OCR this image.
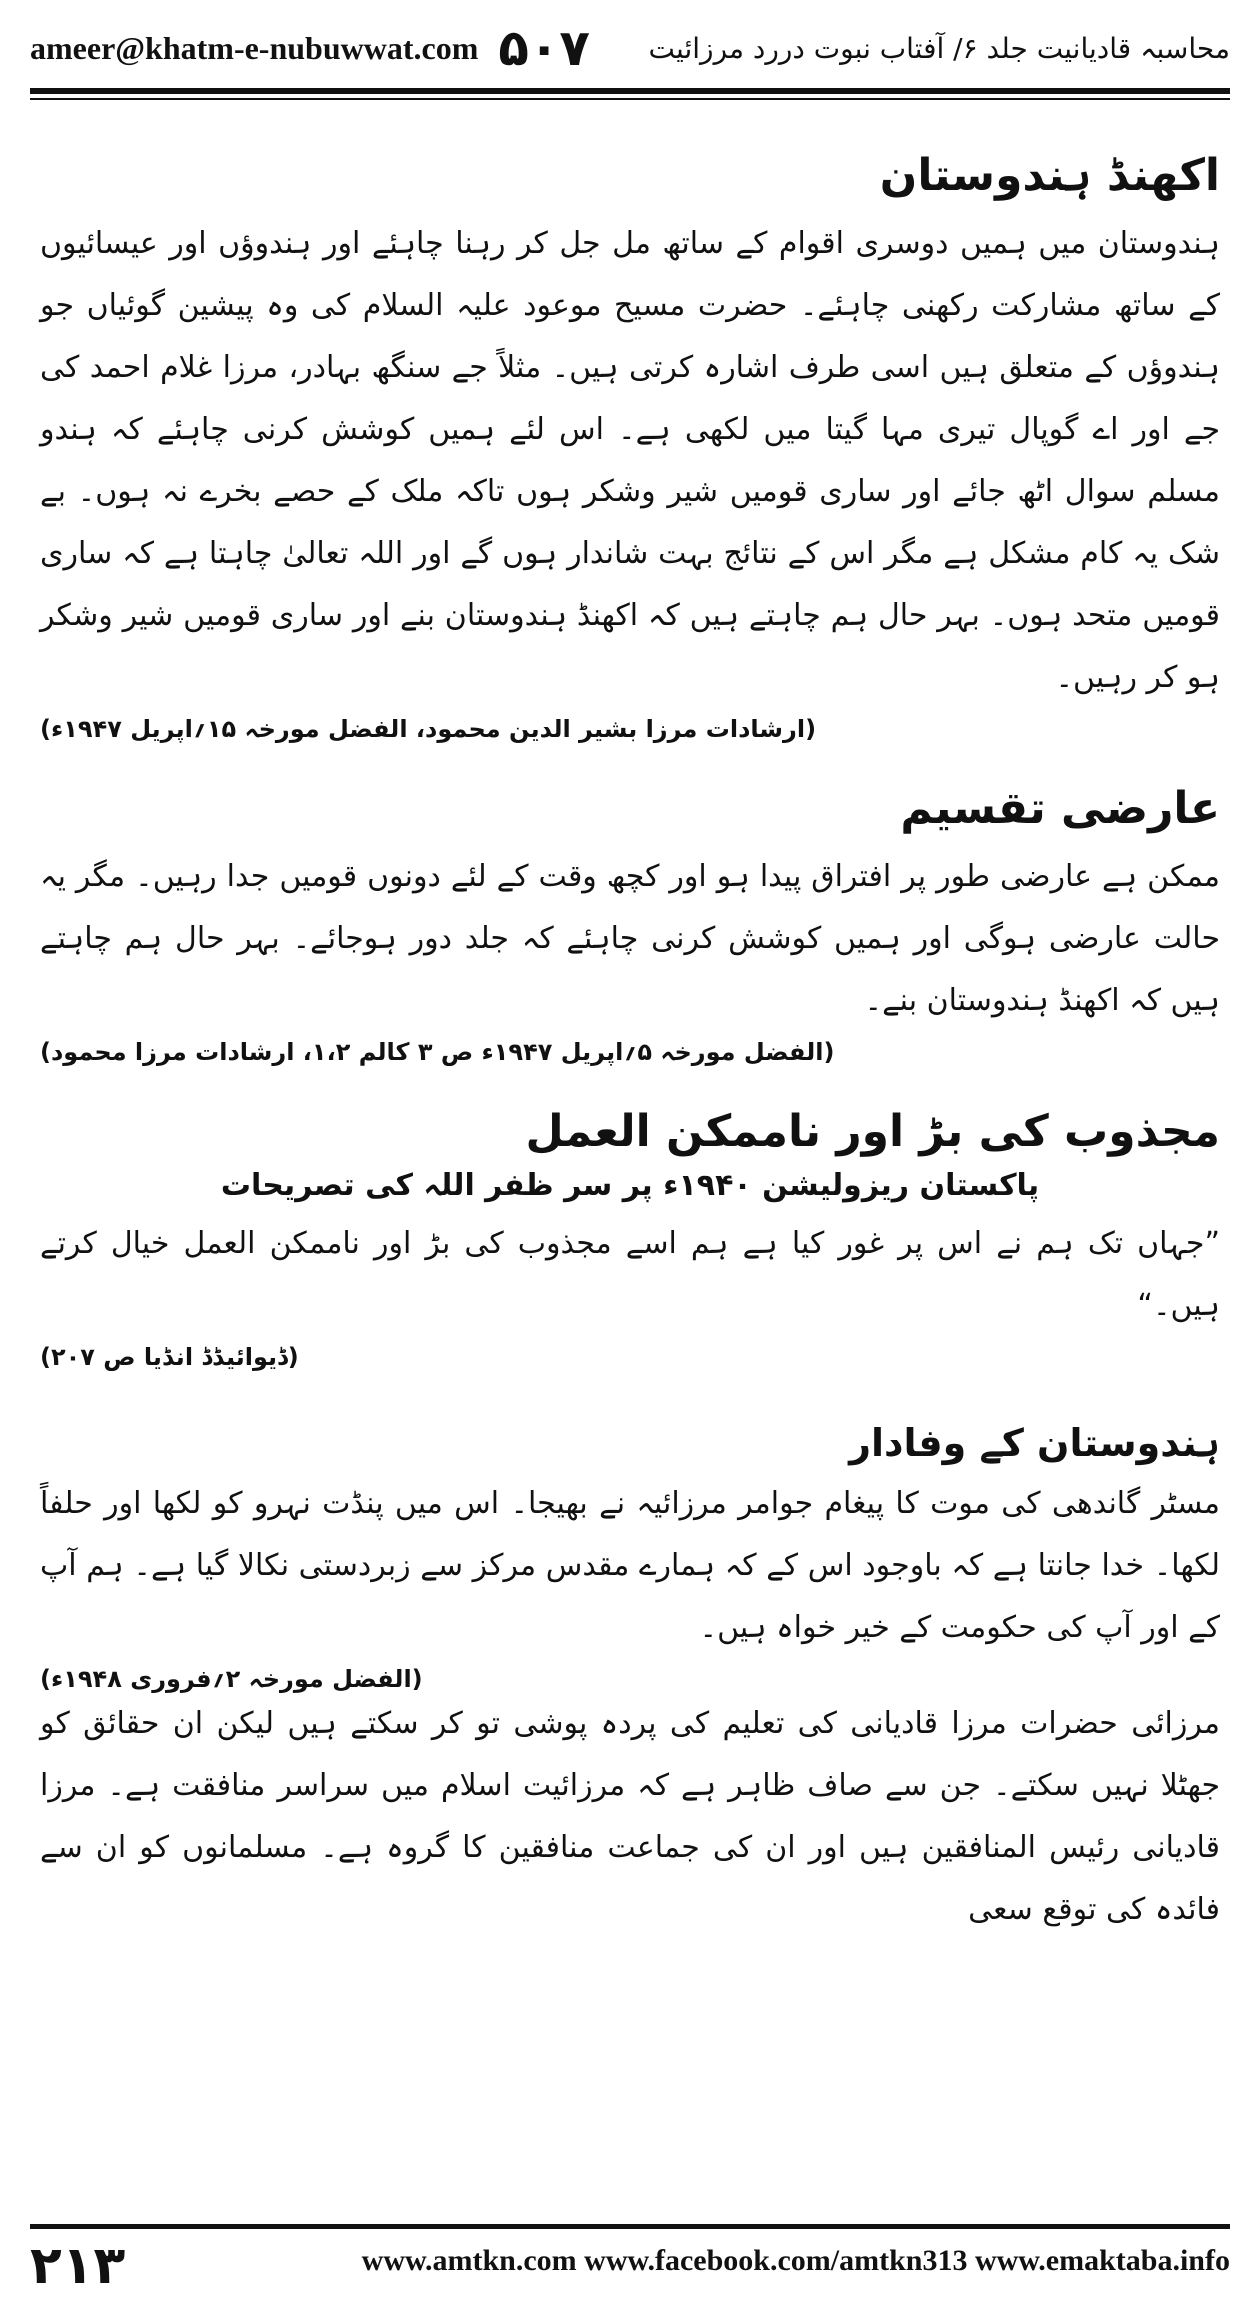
ameer@khatm-e-nubuwwat.com ۵۰۷ محاسبہ قادیانیت جلد ۶/ آفتاب نبوت دررد مرزائیت
اکھنڈ ہندوستان

ہندوستان میں ہمیں دوسری اقوام کے ساتھ مل جل کر رہنا چاہئے اور ہندوؤں اور عیسائیوں کے ساتھ مشارکت رکھنی چاہئے۔ حضرت مسیح موعود علیہ السلام کی وہ پیشین گوئیاں جو ہندوؤں کے متعلق ہیں اسی طرف اشارہ کرتی ہیں۔ مثلاً جے سنگھ بہادر، مرزا غلام احمد کی جے اور اے گوپال تیری مہا گیتا میں لکھی ہے۔ اس لئے ہمیں کوشش کرنی چاہئے کہ ہندو مسلم سوال اٹھ جائے اور ساری قومیں شیر وشکر ہوں تاکہ ملک کے حصے بخرے نہ ہوں۔ بے شک یہ کام مشکل ہے مگر اس کے نتائج بہت شاندار ہوں گے اور اللہ تعالیٰ چاہتا ہے کہ ساری قومیں متحد ہوں۔ بہر حال ہم چاہتے ہیں کہ اکھنڈ ہندوستان بنے اور ساری قومیں شیر وشکر ہو کر رہیں۔

(ارشادات مرزا بشیر الدین محمود، الفضل مورخہ ۱۵؍اپریل ۱۹۴۷ء)
عارضی تقسیم

ممکن ہے عارضی طور پر افتراق پیدا ہو اور کچھ وقت کے لئے دونوں قومیں جدا رہیں۔ مگر یہ حالت عارضی ہوگی اور ہمیں کوشش کرنی چاہئے کہ جلد دور ہوجائے۔ بہر حال ہم چاہتے ہیں کہ اکھنڈ ہندوستان بنے۔

(الفضل مورخہ ۵؍اپریل ۱۹۴۷ء ص ۳ کالم ۱،۲، ارشادات مرزا محمود)
مجذوب کی بڑ اور ناممکن العمل
پاکستان ریزولیشن ۱۹۴۰ء پر سر ظفر اللہ کی تصریحات

”جہاں تک ہم نے اس پر غور کیا ہے ہم اسے مجذوب کی بڑ اور ناممکن العمل خیال کرتے ہیں۔“

(ڈیوائیڈڈ انڈیا ص ۲۰۷)
ہندوستان کے وفادار

مسٹر گاندھی کی موت کا پیغام جوامر مرزائیہ نے بھیجا۔ اس میں پنڈت نہرو کو لکھا اور حلفاً لکھا۔ خدا جانتا ہے کہ باوجود اس کے کہ ہمارے مقدس مرکز سے زبردستی نکالا گیا ہے۔ ہم آپ کے اور آپ کی حکومت کے خیر خواہ ہیں۔

(الفضل مورخہ ۲؍فروری ۱۹۴۸ء)

مرزائی حضرات مرزا قادیانی کی تعلیم کی پردہ پوشی تو کر سکتے ہیں لیکن ان حقائق کو جھٹلا نہیں سکتے۔ جن سے صاف ظاہر ہے کہ مرزائیت اسلام میں سراسر منافقت ہے۔ مرزا قادیانی رئیس المنافقین ہیں اور ان کی جماعت منافقین کا گروہ ہے۔ مسلمانوں کو ان سے فائدہ کی توقع سعی

۲۱۳	www.amtkn.com www.facebook.com/amtkn313 www.emaktaba.info
